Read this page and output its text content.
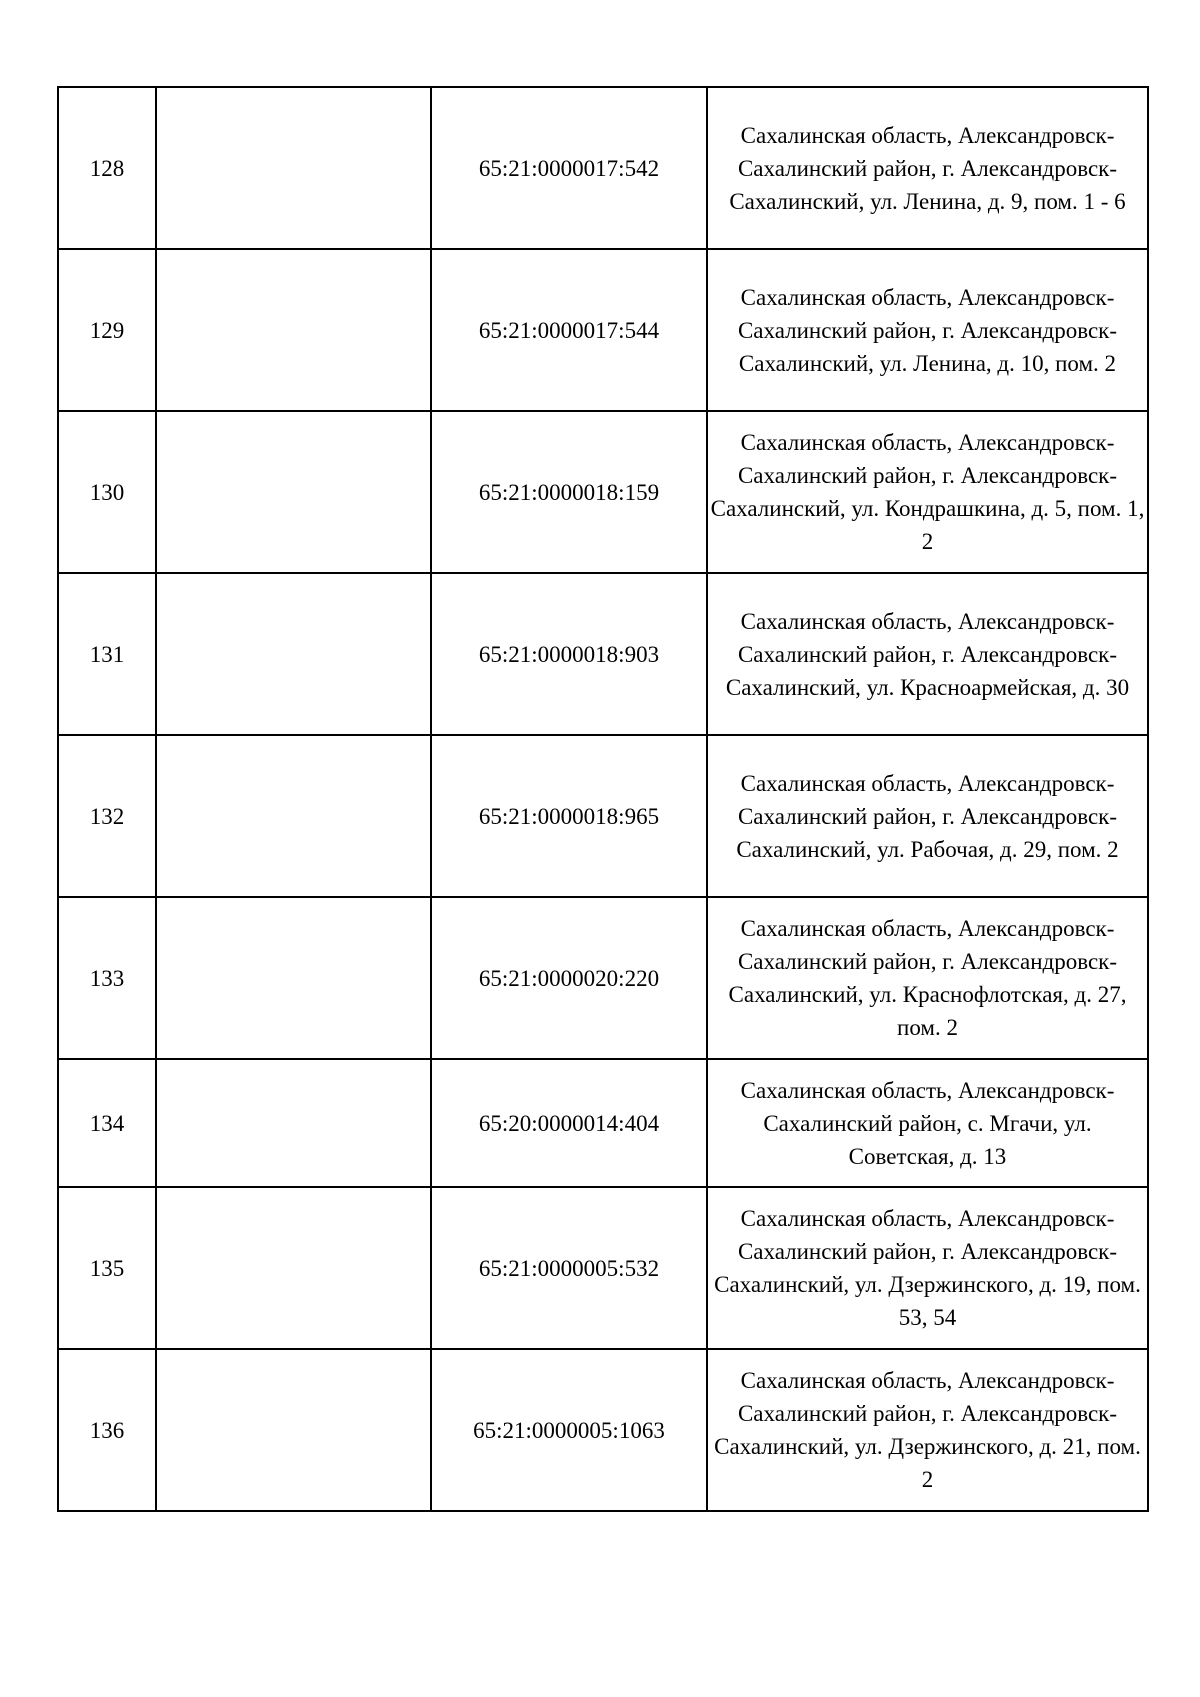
128		65:21:0000017:542	Сахалинская область, Александровск-Сахалинский район, г. Александровск-Сахалинский, ул. Ленина, д. 9, пом. 1 - 6
129		65:21:0000017:544	Сахалинская область, Александровск-Сахалинский район, г. Александровск-Сахалинский, ул. Ленина, д. 10, пом. 2
130		65:21:0000018:159	Сахалинская область, Александровск-Сахалинский район, г. Александровск-Сахалинский, ул. Кондрашкина, д. 5, пом. 1, 2
131		65:21:0000018:903	Сахалинская область, Александровск-Сахалинский район, г. Александровск-Сахалинский, ул. Красноармейская, д. 30
132		65:21:0000018:965	Сахалинская область, Александровск-Сахалинский район, г. Александровск-Сахалинский, ул. Рабочая, д. 29, пом. 2
133		65:21:0000020:220	Сахалинская область, Александровск-Сахалинский район, г. Александровск-Сахалинский, ул. Краснофлотская, д. 27, пом. 2
134		65:20:0000014:404	Сахалинская область, Александровск-Сахалинский район, с. Мгачи, ул. Советская, д. 13
135		65:21:0000005:532	Сахалинская область, Александровск-Сахалинский район, г. Александровск-Сахалинский, ул. Дзержинского, д. 19, пом. 53, 54
136		65:21:0000005:1063	Сахалинская область, Александровск-Сахалинский район, г. Александровск-Сахалинский, ул. Дзержинского, д. 21, пом. 2
